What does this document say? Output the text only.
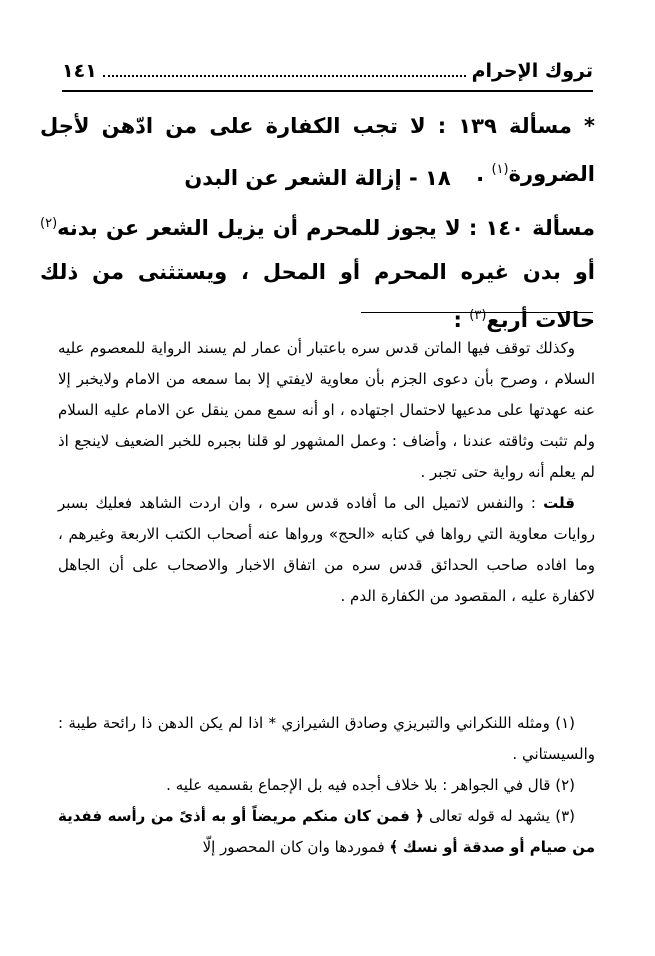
تروك الإحرام
١٤١
* مسألة ١٣٩ : لا تجب الكفارة على من ادّهن لأجل الضرورة$^{(١)}$ .
١٨ - إزالة الشعر عن البدن
مسألة ١٤٠ : لا يجوز للمحرم أن يزيل الشعر عن بدنه$^{(٢)}$ أو بدن غيره المحرم أو المحل ، ويستثنى من ذلك حالات أربع$^{(٣)}$ :

وكذلك توقف فيها الماتن قدس سره باعتبار أن عمار لم يسند الرواية للمعصوم عليه السلام ، وصرح بأن دعوى الجزم بأن معاوية لايفتي إلا بما سمعه من الامام ولايخبر إلا عنه عهدتها على مدعيها لاحتمال اجتهاده ، او أنه سمع ممن ينقل عن الامام عليه السلام ولم تثبت وثاقته عندنا ، وأضاف : وعمل المشهور لو قلنا بجبره للخبر الضعيف لاينجع اذ لم يعلم أنه رواية حتى تجبر .

قلت : والنفس لاتميل الى ما أفاده قدس سره ، وان اردت الشاهد فعليك بسبر روايات معاوية التي رواها في كتابه «الحج» ورواها عنه أصحاب الكتب الاربعة وغيرهم ، وما افاده صاحب الحدائق قدس سره من اتفاق الاخبار والاصحاب على أن الجاهل لاكفارة عليه ، المقصود من الكفارة الدم .

(١) ومثله اللنكراني والتبريزي وصادق الشيرازي * اذا لم يكن الدهن ذا رائحة طيبة : والسيستاني .

(٢) قال في الجواهر : بلا خلاف أجده فيه بل الإجماع بقسميه عليه .

(٣) يشهد له قوله تعالى ﴿ فمن كان منكم مريضاً أو به أذىً من رأسه ففدية من صيام أو صدقة أو نسك ﴾ فموردها وان كان المحصور إلّا
